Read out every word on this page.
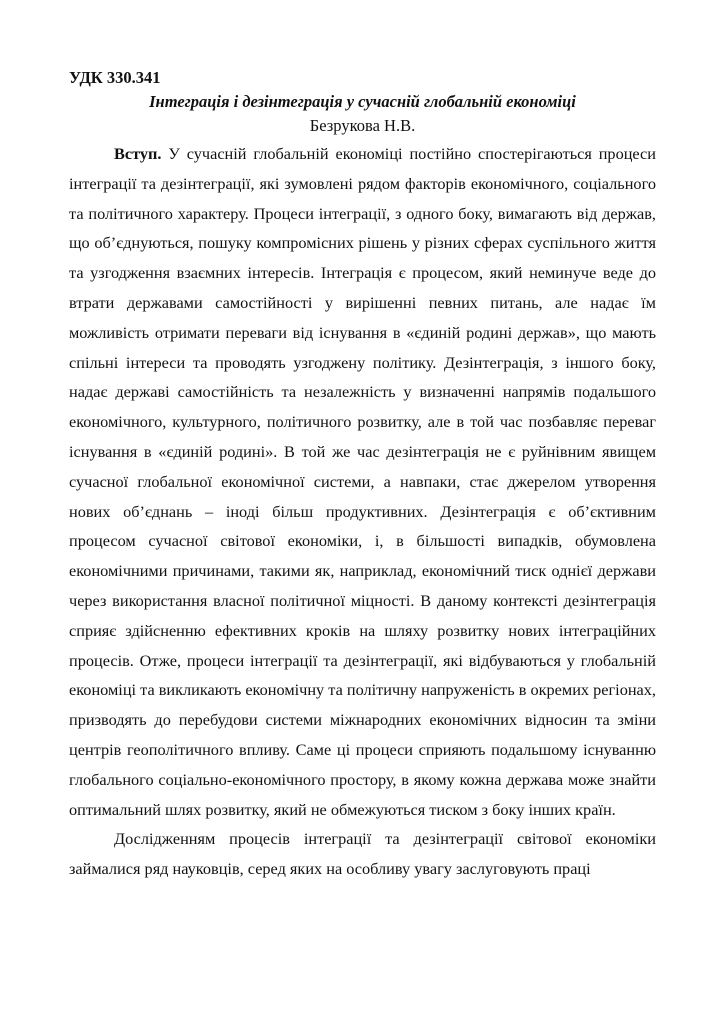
УДК 330.341

Інтеграція і дезінтеграція у сучасній глобальній економіці

Безрукова Н.В.

Вступ. У сучасній глобальній економіці постійно спостерігаються процеси інтеграції та дезінтеграції, які зумовлені рядом факторів економічного, соціального та політичного характеру. Процеси інтеграції, з одного боку, вимагають від держав, що об’єднуються, пошуку компромісних рішень у різних сферах суспільного життя та узгодження взаємних інтересів. Інтеграція є процесом, який неминуче веде до втрати державами самостійності у вирішенні певних питань, але надає їм можливість отримати переваги від існування в «єдиній родині держав», що мають спільні інтереси та проводять узгоджену політику. Дезінтеграція, з іншого боку, надає державі самостійність та незалежність у визначенні напрямів подальшого економічного, культурного, політичного розвитку, але в той час позбавляє переваг існування в «єдиній родині». В той же час дезінтеграція не є руйнівним явищем сучасної глобальної економічної системи, а навпаки, стає джерелом утворення нових об’єднань – іноді більш продуктивних. Дезінтеграція є об’єктивним процесом сучасної світової економіки, і, в більшості випадків, обумовлена економічними причинами, такими як, наприклад, економічний тиск однієї держави через використання власної політичної міцності. В даному контексті дезінтеграція сприяє здійсненню ефективних кроків на шляху розвитку нових інтеграційних процесів. Отже, процеси інтеграції та дезінтеграції, які відбуваються у глобальній економіці та викликають економічну та політичну напруженість в окремих регіонах, призводять до перебудови системи міжнародних економічних відносин та зміни центрів геополітичного впливу. Саме ці процеси сприяють подальшому існуванню глобального соціально-економічного простору, в якому кожна держава може знайти оптимальний шлях розвитку, який не обмежуються тиском з боку інших країн.

Дослідженням процесів інтеграції та дезінтеграції світової економіки займалися ряд науковців, серед яких на особливу увагу заслуговують праці
